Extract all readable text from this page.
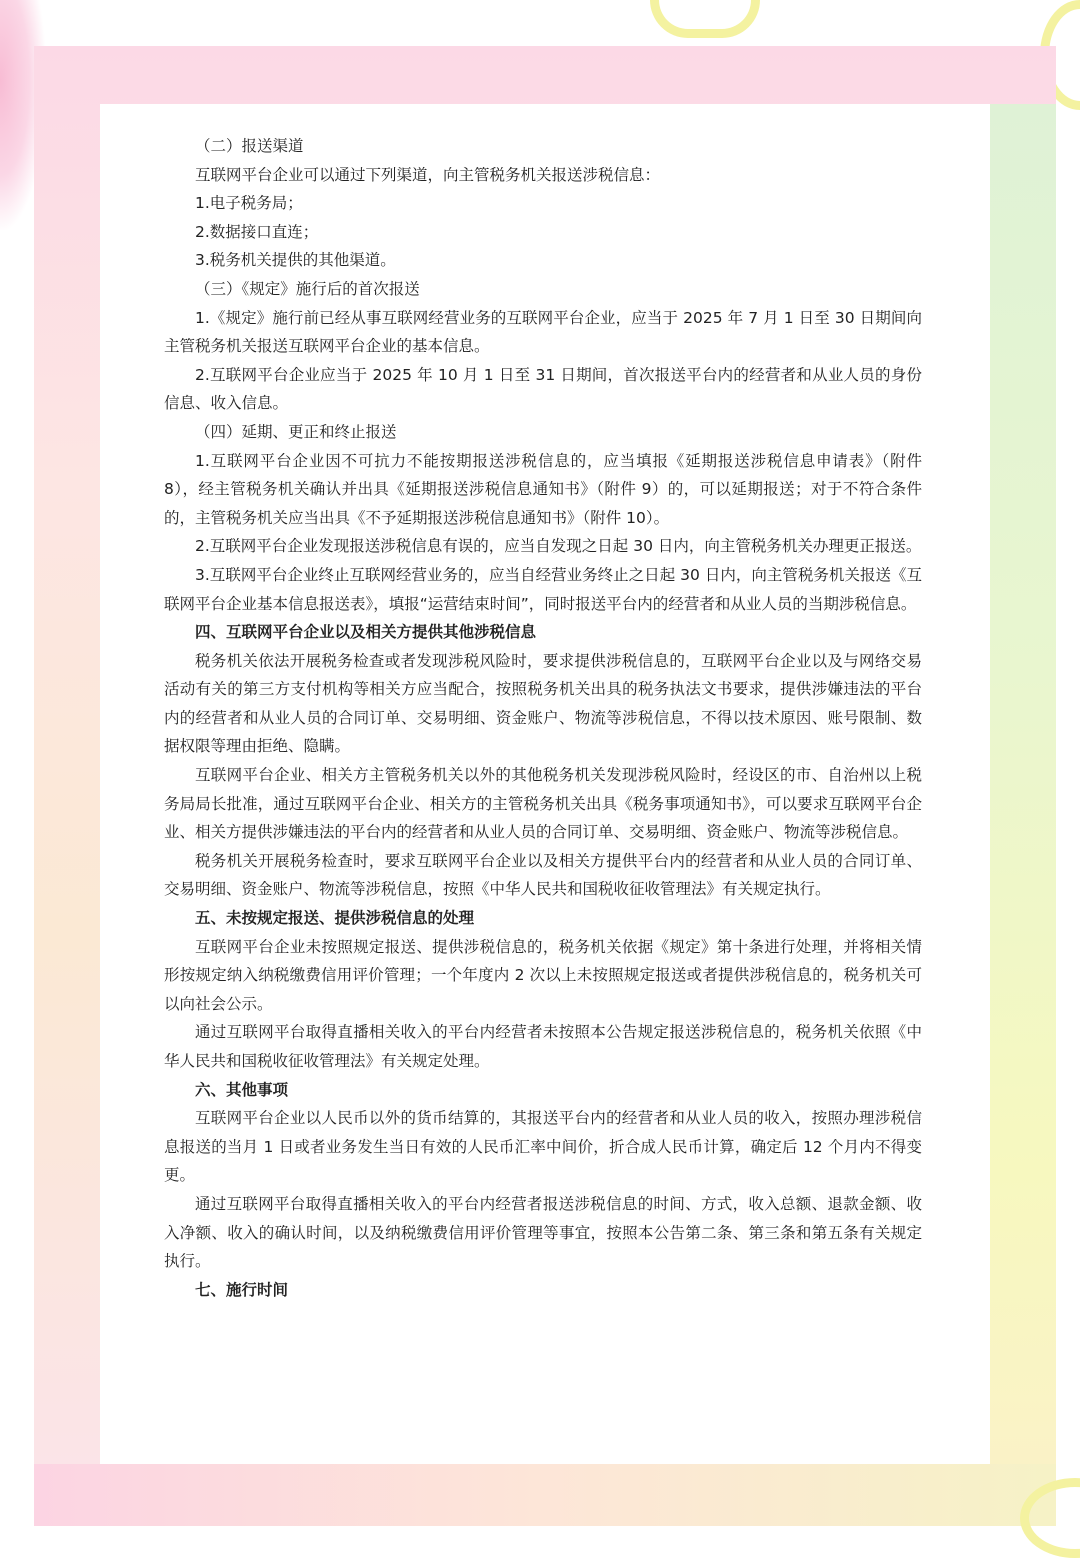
（二）报送渠道

互联网平台企业可以通过下列渠道，向主管税务机关报送涉税信息：

1.电子税务局；

2.数据接口直连；

3.税务机关提供的其他渠道。

（三）《规定》施行后的首次报送

1.《规定》施行前已经从事互联网经营业务的互联网平台企业，应当于 2025 年 7 月 1 日至 30 日期间向主管税务机关报送互联网平台企业的基本信息。

2.互联网平台企业应当于 2025 年 10 月 1 日至 31 日期间，首次报送平台内的经营者和从业人员的身份信息、收入信息。

（四）延期、更正和终止报送

1.互联网平台企业因不可抗力不能按期报送涉税信息的，应当填报《延期报送涉税信息申请表》（附件 8），经主管税务机关确认并出具《延期报送涉税信息通知书》（附件 9）的，可以延期报送；对于不符合条件的，主管税务机关应当出具《不予延期报送涉税信息通知书》（附件 10）。

2.互联网平台企业发现报送涉税信息有误的，应当自发现之日起 30 日内，向主管税务机关办理更正报送。

3.互联网平台企业终止互联网经营业务的，应当自经营业务终止之日起 30 日内，向主管税务机关报送《互联网平台企业基本信息报送表》，填报“运营结束时间”，同时报送平台内的经营者和从业人员的当期涉税信息。

四、互联网平台企业以及相关方提供其他涉税信息

税务机关依法开展税务检查或者发现涉税风险时，要求提供涉税信息的，互联网平台企业以及与网络交易活动有关的第三方支付机构等相关方应当配合，按照税务机关出具的税务执法文书要求，提供涉嫌违法的平台内的经营者和从业人员的合同订单、交易明细、资金账户、物流等涉税信息，不得以技术原因、账号限制、数据权限等理由拒绝、隐瞒。

互联网平台企业、相关方主管税务机关以外的其他税务机关发现涉税风险时，经设区的市、自治州以上税务局局长批准，通过互联网平台企业、相关方的主管税务机关出具《税务事项通知书》，可以要求互联网平台企业、相关方提供涉嫌违法的平台内的经营者和从业人员的合同订单、交易明细、资金账户、物流等涉税信息。

税务机关开展税务检查时，要求互联网平台企业以及相关方提供平台内的经营者和从业人员的合同订单、交易明细、资金账户、物流等涉税信息，按照《中华人民共和国税收征收管理法》有关规定执行。

五、未按规定报送、提供涉税信息的处理

互联网平台企业未按照规定报送、提供涉税信息的，税务机关依据《规定》第十条进行处理，并将相关情形按规定纳入纳税缴费信用评价管理；一个年度内 2 次以上未按照规定报送或者提供涉税信息的，税务机关可以向社会公示。

通过互联网平台取得直播相关收入的平台内经营者未按照本公告规定报送涉税信息的，税务机关依照《中华人民共和国税收征收管理法》有关规定处理。

六、其他事项

互联网平台企业以人民币以外的货币结算的，其报送平台内的经营者和从业人员的收入，按照办理涉税信息报送的当月 1 日或者业务发生当日有效的人民币汇率中间价，折合成人民币计算，确定后 12 个月内不得变更。

通过互联网平台取得直播相关收入的平台内经营者报送涉税信息的时间、方式，收入总额、退款金额、收入净额、收入的确认时间，以及纳税缴费信用评价管理等事宜，按照本公告第二条、第三条和第五条有关规定执行。

七、施行时间
